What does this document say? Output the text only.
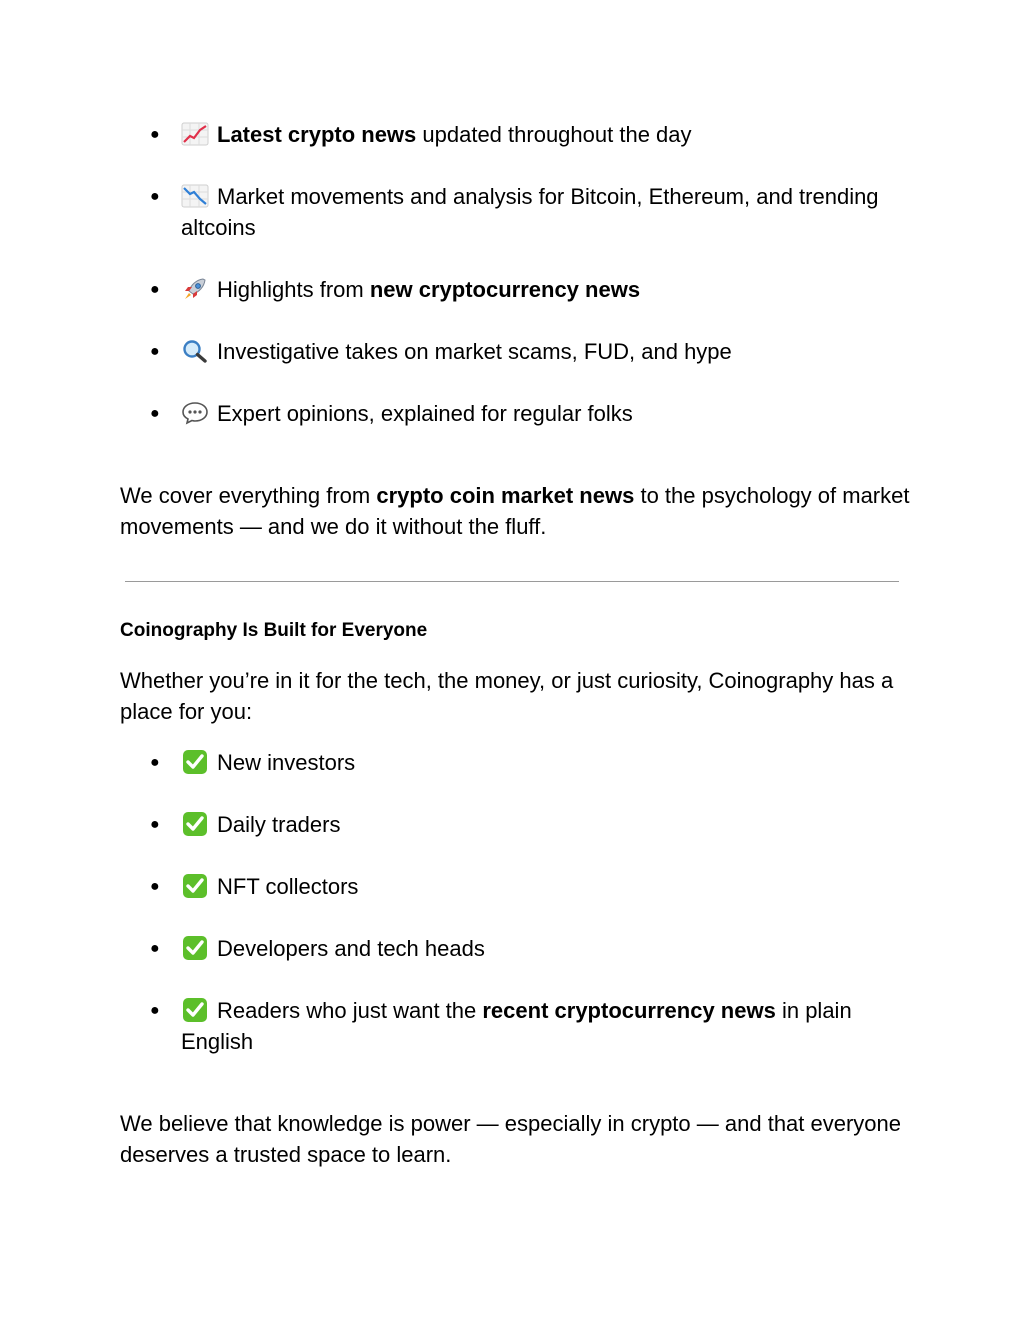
●	Latest crypto news updated throughout the day
●	Market movements and analysis for Bitcoin, Ethereum, and trending altcoins
●	Highlights from new cryptocurrency news
●	Investigative takes on market scams, FUD, and hype
●	Expert opinions, explained for regular folks

We cover everything from crypto coin market news to the psychology of market movements — and we do it without the fluff.

Coinography Is Built for Everyone

Whether you’re in it for the tech, the money, or just curiosity, Coinography has a place for you:

●	New investors
●	Daily traders
●	NFT collectors
●	Developers and tech heads
●	Readers who just want the recent cryptocurrency news in plain English

We believe that knowledge is power — especially in crypto — and that everyone deserves a trusted space to learn.
